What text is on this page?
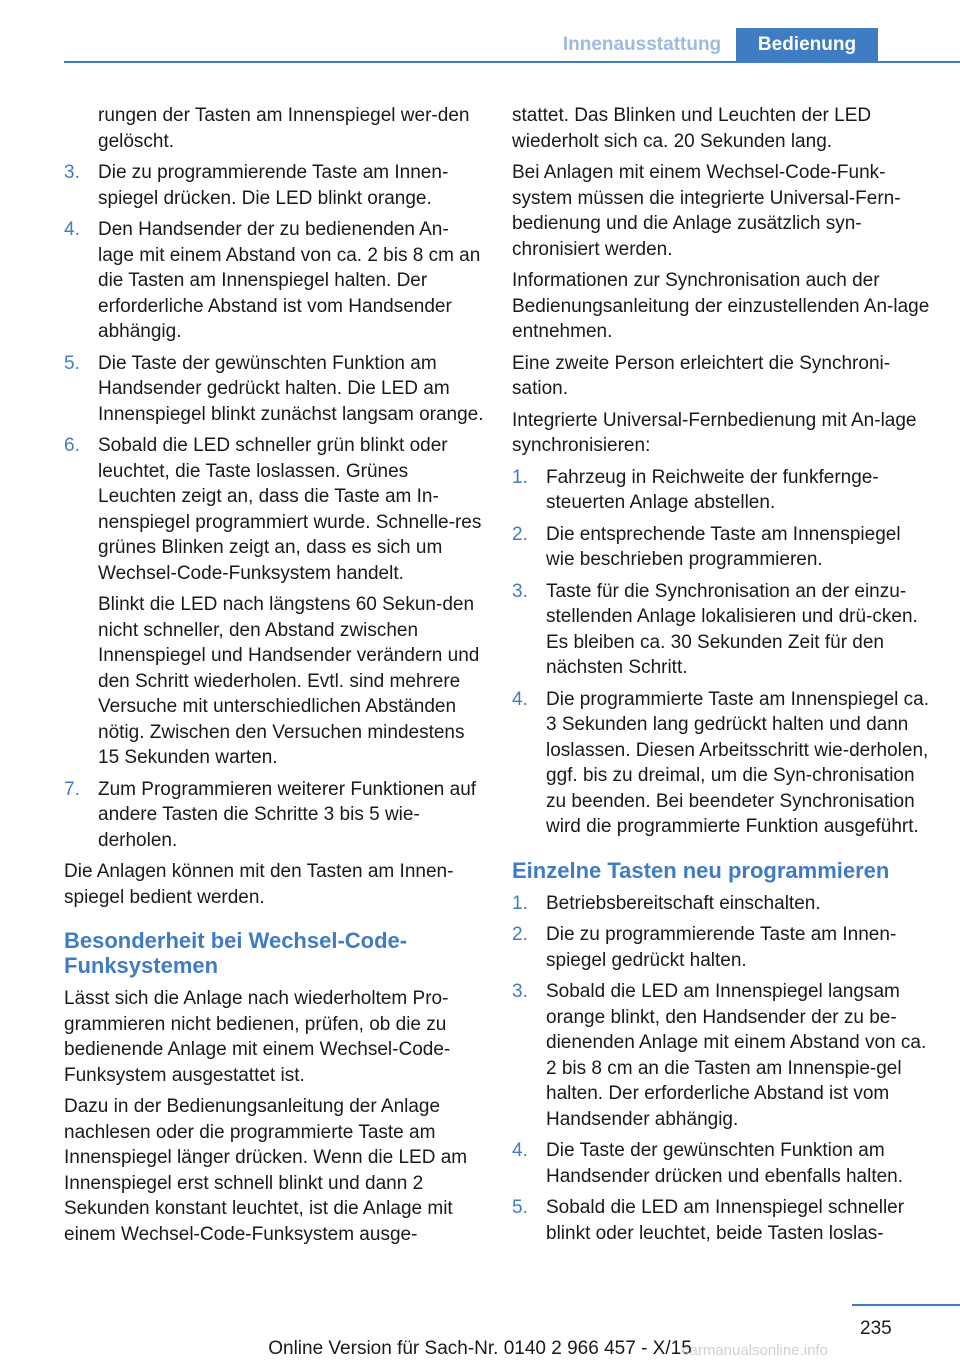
Innenausstattung	Bedienung
rungen der Tasten am Innenspiegel wer-den gelöscht.
3. Die zu programmierende Taste am Innen-spiegel drücken. Die LED blinkt orange.
4. Den Handsender der zu bedienenden An-lage mit einem Abstand von ca. 2 bis 8 cm an die Tasten am Innenspiegel halten. Der erforderliche Abstand ist vom Handsender abhängig.
5. Die Taste der gewünschten Funktion am Handsender gedrückt halten. Die LED am Innenspiegel blinkt zunächst langsam orange.
6. Sobald die LED schneller grün blinkt oder leuchtet, die Taste loslassen. Grünes Leuchten zeigt an, dass die Taste am In-nenspiegel programmiert wurde. Schnelle-res grünes Blinken zeigt an, dass es sich um Wechsel-Code-Funksystem handelt.
Blinkt die LED nach längstens 60 Sekun-den nicht schneller, den Abstand zwischen Innenspiegel und Handsender verändern und den Schritt wiederholen. Evtl. sind mehrere Versuche mit unterschiedlichen Abständen nötig. Zwischen den Versuchen mindestens 15 Sekunden warten.
7. Zum Programmieren weiterer Funktionen auf andere Tasten die Schritte 3 bis 5 wie-derholen.

Die Anlagen können mit den Tasten am Innen-spiegel bedient werden.

Besonderheit bei Wechsel-Code-Funksystemen

Lässt sich die Anlage nach wiederholtem Pro-grammieren nicht bedienen, prüfen, ob die zu bedienende Anlage mit einem Wechsel-Code-Funksystem ausgestattet ist.

Dazu in der Bedienungsanleitung der Anlage nachlesen oder die programmierte Taste am Innenspiegel länger drücken. Wenn die LED am Innenspiegel erst schnell blinkt und dann 2 Sekunden konstant leuchtet, ist die Anlage mit einem Wechsel-Code-Funksystem ausge-

stattet. Das Blinken und Leuchten der LED wiederholt sich ca. 20 Sekunden lang.

Bei Anlagen mit einem Wechsel-Code-Funk-system müssen die integrierte Universal-Fern-bedienung und die Anlage zusätzlich syn-chronisiert werden.

Informationen zur Synchronisation auch der Bedienungsanleitung der einzustellenden An-lage entnehmen.

Eine zweite Person erleichtert die Synchroni-sation.

Integrierte Universal-Fernbedienung mit An-lage synchronisieren:

1. Fahrzeug in Reichweite der funkfernge-steuerten Anlage abstellen.
2. Die entsprechende Taste am Innenspiegel wie beschrieben programmieren.
3. Taste für die Synchronisation an der einzu-stellenden Anlage lokalisieren und drü-cken. Es bleiben ca. 30 Sekunden Zeit für den nächsten Schritt.
4. Die programmierte Taste am Innenspiegel ca. 3 Sekunden lang gedrückt halten und dann loslassen. Diesen Arbeitsschritt wie-derholen, ggf. bis zu dreimal, um die Syn-chronisation zu beenden. Bei beendeter Synchronisation wird die programmierte Funktion ausgeführt.
Einzelne Tasten neu programmieren
1. Betriebsbereitschaft einschalten.
2. Die zu programmierende Taste am Innen-spiegel gedrückt halten.
3. Sobald die LED am Innenspiegel langsam orange blinkt, den Handsender der zu be-dienenden Anlage mit einem Abstand von ca. 2 bis 8 cm an die Tasten am Innenspie-gel halten. Der erforderliche Abstand ist vom Handsender abhängig.
4. Die Taste der gewünschten Funktion am Handsender drücken und ebenfalls halten.
5. Sobald die LED am Innenspiegel schneller blinkt oder leuchtet, beide Tasten loslas-
235
Online Version für Sach-Nr. 0140 2 966 457 - X/15
carmanualsonline.info
